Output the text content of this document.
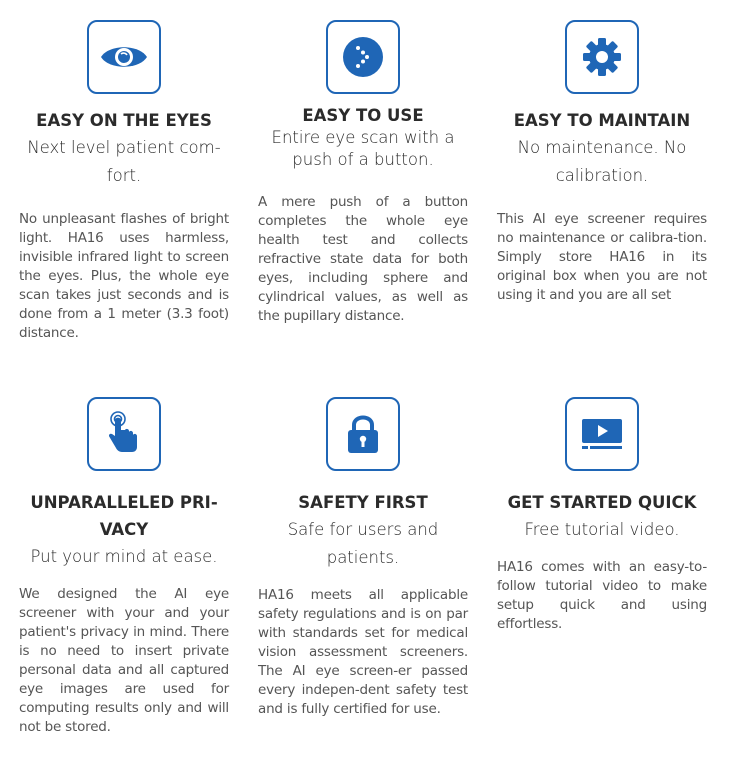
EASY ON THE EYES
Next level patient com-fort.
No unpleasant flashes of bright light. HA16 uses harmless, invisible infrared light to screen the eyes. Plus, the whole eye scan takes just seconds and is done from a 1 meter (3.3 foot) distance.
EASY TO USE
Entire eye scan with a push of a button.
A mere push of a button completes the whole eye health test and collects refractive state data for both eyes, including sphere and cylindrical values, as well as the pupillary distance.
EASY TO MAINTAIN
No maintenance. No calibration.
This AI eye screener requires no maintenance or calibra-tion. Simply store HA16 in its original box when you are not using it and you are all set
UNPARALLELED PRI-VACY
Put your mind at ease.
We designed the AI eye screener with your and your patient's privacy in mind. There is no need to insert private personal data and all captured eye images are used for computing results only and will not be stored.
SAFETY FIRST
Safe for users and patients.
HA16 meets all applicable safety regulations and is on par with standards set for medical vision assessment screeners. The AI eye screen-er passed every indepen-dent safety test and is fully certified for use.
GET STARTED QUICK
Free tutorial video.
HA16 comes with an easy-to-follow tutorial video to make setup quick and using effortless.
